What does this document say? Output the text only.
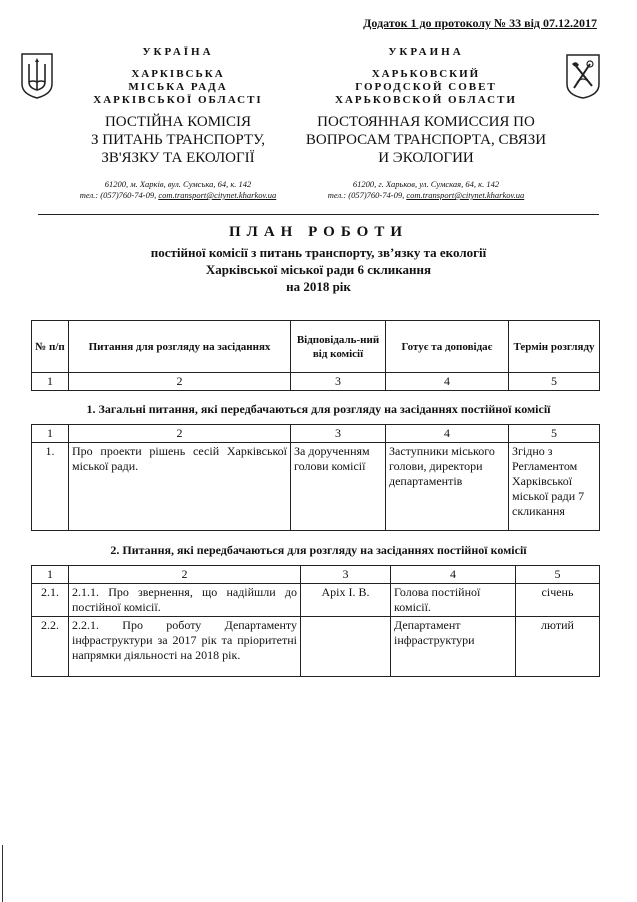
Додаток 1 до протоколу № 33 від 07.12.2017
УКРАЇНА
ХАРКІВСЬКА
МІСЬКА РАДА
ХАРКІВСЬКОЇ ОБЛАСТІ
ПОСТІЙНА КОМІСІЯ
З ПИТАНЬ ТРАНСПОРТУ,
ЗВ'ЯЗКУ ТА ЕКОЛОГІЇ
61200, м. Харків, вул. Сумська, 64, к. 142
тел.: (057)760-74-09, com.transport@citynet.kharkov.ua
УКРАИНА
ХАРЬКОВСКИЙ
ГОРОДСКОЙ СОВЕТ
ХАРЬКОВСКОЙ ОБЛАСТИ
ПОСТОЯННАЯ КОМИССИЯ ПО
ВОПРОСАМ ТРАНСПОРТА, СВЯЗИ
И ЭКОЛОГИИ
61200, г. Харьков, ул. Сумская, 64, к. 142
тел.: (057)760-74-09, com.transport@citynet.kharkov.ua
ПЛАН РОБОТИ
постійної комісії з питань транспорту, зв’язку та екології
Харківської міської ради 6 скликання
на 2018 рік
№ п/п	Питання для розгляду на засіданнях	Відповідаль-ний від комісії	Готує та доповідає	Термін розгляду
1	2	3	4	5
1. Загальні питання, які передбачаються для розгляду на засіданнях постійної комісії
1	2	3	4	5
1.	Про проекти рішень сесій Харківської міської ради.	За дорученням голови комісії	Заступники міського голови, директори департаментів	Згідно з Регламентом Харківської міської ради 7 скликання
2. Питання, які передбачаються для розгляду на засіданнях постійної комісії
1	2	3	4	5
2.1.	2.1.1. Про звернення, що надійшли до постійної комісії.	Аріх І. В.	Голова постійної комісії.	січень
2.2.	2.2.1. Про роботу Департаменту інфраструктури за 2017 рік та пріоритетні напрямки діяльності на 2018 рік.		Департамент інфраструктури	лютий
